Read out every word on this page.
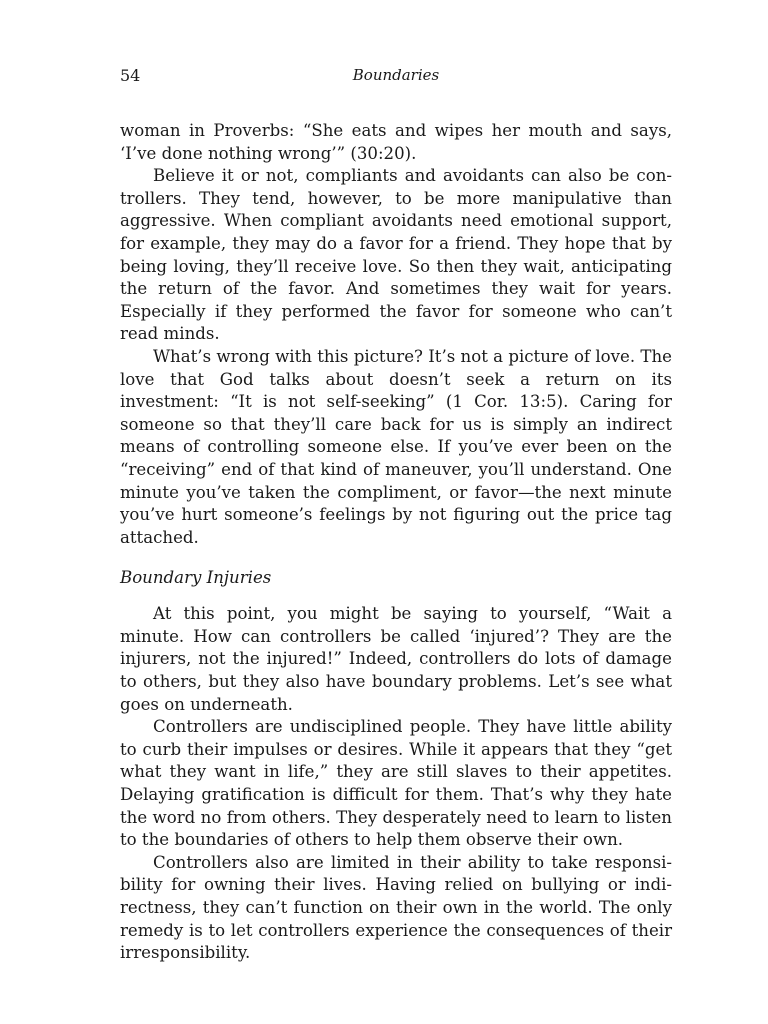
54	Boundaries

woman in Proverbs: “She eats and wipes her mouth and says, ‘I’ve done nothing wrong’” (30:20).

Believe it or not, compliants and avoidants can also be controllers. They tend, however, to be more manipulative than aggressive. When compliant avoidants need emotional support, for example, they may do a favor for a friend. They hope that by being loving, they’ll receive love. So then they wait, anticipating the return of the favor. And sometimes they wait for years. Especially if they performed the favor for someone who can’t read minds.

What’s wrong with this picture? It’s not a picture of love. The love that God talks about doesn’t seek a return on its investment: “It is not self-seeking” (1 Cor. 13:5). Caring for someone so that they’ll care back for us is simply an indirect means of controlling someone else. If you’ve ever been on the “receiving” end of that kind of maneuver, you’ll understand. One minute you’ve taken the compliment, or favor—the next minute you’ve hurt someone’s feelings by not figuring out the price tag attached.

Boundary Injuries

At this point, you might be saying to yourself, “Wait a minute. How can controllers be called ‘injured’? They are the injurers, not the injured!” Indeed, controllers do lots of damage to others, but they also have boundary problems. Let’s see what goes on underneath.

Controllers are undisciplined people. They have little ability to curb their impulses or desires. While it appears that they “get what they want in life,” they are still slaves to their appetites. Delaying gratification is difficult for them. That’s why they hate the word no from others. They desperately need to learn to listen to the boundaries of others to help them observe their own.

Controllers also are limited in their ability to take responsibility for owning their lives. Having relied on bullying or indirectness, they can’t function on their own in the world. The only remedy is to let controllers experience the consequences of their irresponsibility.
